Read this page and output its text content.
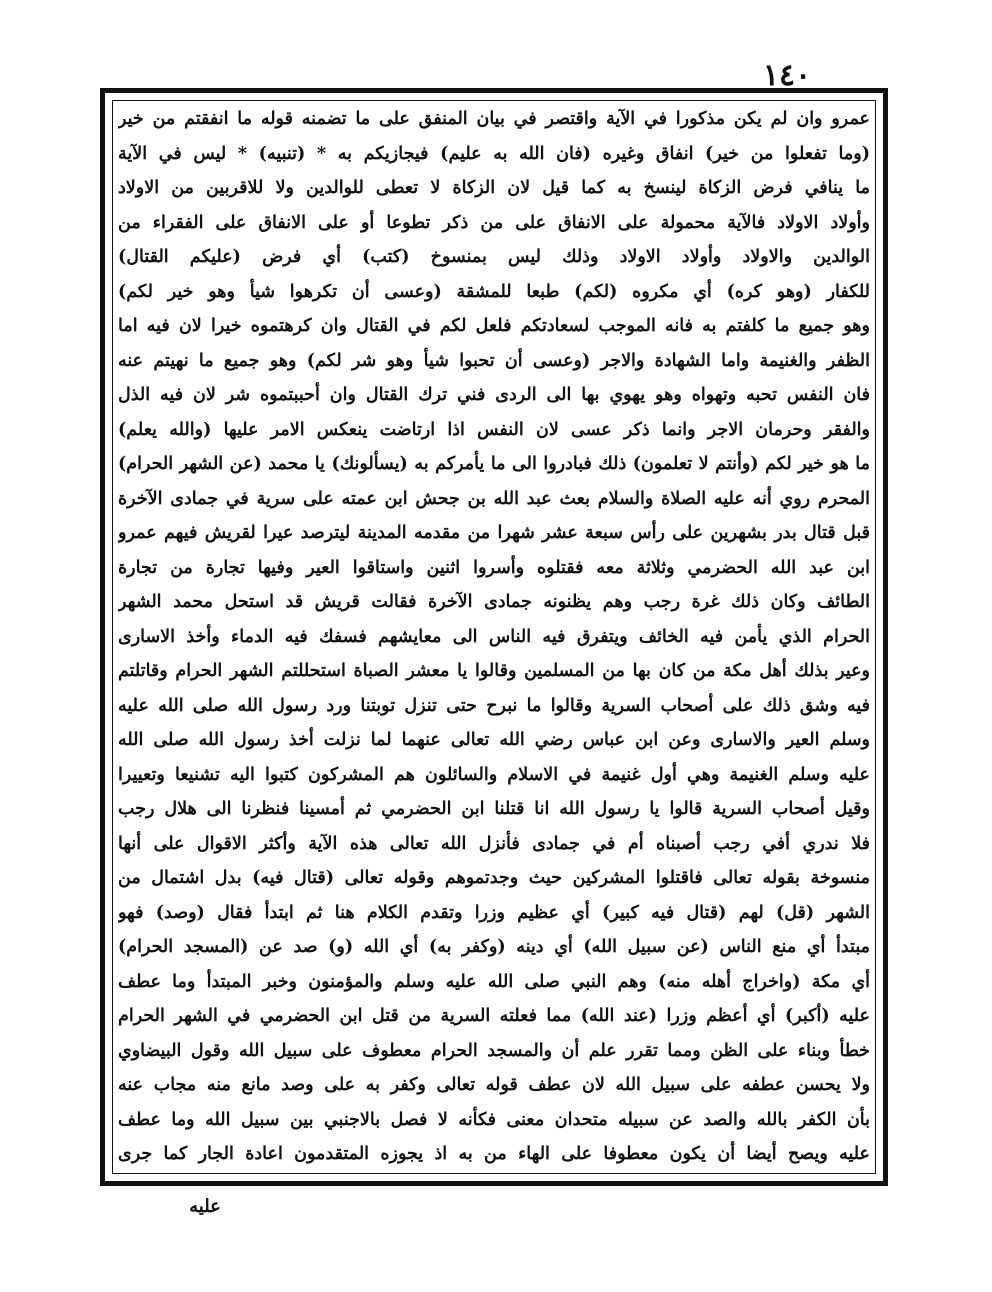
١٤٠
عمرو وان لم يكن مذكورا في الآية واقتصر في بيان المنفق على ما تضمنه قوله ما انفقتم من خير
(وما تفعلوا من خير) انفاق وغيره (فان الله به عليم) فيجازيكم به * (تنبيه) * ليس في الآية
ما ينافي فرض الزكاة لينسخ به كما قيل لان الزكاة لا تعطى للوالدين ولا للاقربين من الاولاد
وأولاد الاولاد فالآية محمولة على الانفاق على من ذكر تطوعا أو على الانفاق على الفقراء من
الوالدين والاولاد وأولاد الاولاد وذلك ليس بمنسوخ (كتب) أي فرض (عليكم القتال)
للكفار (وهو كره) أي مكروه (لكم) طبعا للمشقة (وعسى أن تكرهوا شيأ وهو خير لكم)
وهو جميع ما كلفتم به فانه الموجب لسعادتكم فلعل لكم في القتال وان كرهتموه خيرا لان فيه اما
الظفر والغنيمة واما الشهادة والاجر (وعسى أن تحبوا شيأ وهو شر لكم) وهو جميع ما نهيتم عنه
فان النفس تحبه وتهواه وهو يهوي بها الى الردى فني ترك القتال وان أحببتموه شر لان فيه الذل
والفقر وحرمان الاجر وانما ذكر عسى لان النفس اذا ارتاضت ينعكس الامر عليها (والله يعلم)
ما هو خير لكم (وأنتم لا تعلمون) ذلك فبادروا الى ما يأمركم به (يسألونك) يا محمد (عن الشهر الحرام)
المحرم روي أنه عليه الصلاة والسلام بعث عبد الله بن جحش ابن عمته على سرية في جمادى الآخرة
قبل قتال بدر بشهرين على رأس سبعة عشر شهرا من مقدمه المدينة ليترصد عيرا لقريش فيهم عمرو
ابن عبد الله الحضرمي وثلاثة معه فقتلوه وأسروا اثنين واستاقوا العير وفيها تجارة من تجارة
الطائف وكان ذلك غرة رجب وهم يظنونه جمادى الآخرة فقالت قريش قد استحل محمد الشهر
الحرام الذي يأمن فيه الخائف ويتفرق فيه الناس الى معايشهم فسفك فيه الدماء وأخذ الاسارى
وعير بذلك أهل مكة من كان بها من المسلمين وقالوا يا معشر الصباة استحللتم الشهر الحرام وقاتلتم
فيه وشق ذلك على أصحاب السرية وقالوا ما نبرح حتى تنزل توبتنا ورد رسول الله صلى الله عليه
وسلم العير والاسارى وعن ابن عباس رضي الله تعالى عنهما لما نزلت أخذ رسول الله صلى الله
عليه وسلم الغنيمة وهي أول غنيمة في الاسلام والسائلون هم المشركون كتبوا اليه تشنيعا وتعييرا
وقيل أصحاب السرية قالوا يا رسول الله انا قتلنا ابن الحضرمي ثم أمسينا فنظرنا الى هلال رجب
فلا ندري أفي رجب أصبناه أم في جمادى فأنزل الله تعالى هذه الآية وأكثر الاقوال على أنها
منسوخة بقوله تعالى فاقتلوا المشركين حيث وجدتموهم وقوله تعالى (قتال فيه) بدل اشتمال من
الشهر (قل) لهم (قتال فيه كبير) أي عظيم وزرا وتقدم الكلام هنا ثم ابتدأ فقال (وصد) فهو
مبتدأ أي منع الناس (عن سبيل الله) أي دينه (وكفر به) أي الله (و) صد عن (المسجد الحرام)
أي مكة (واخراج أهله منه) وهم النبي صلى الله عليه وسلم والمؤمنون وخبر المبتدأ وما عطف
عليه (أكبر) أي أعظم وزرا (عند الله) مما فعلته السرية من قتل ابن الحضرمي في الشهر الحرام
خطأ وبناء على الظن ومما تقرر علم أن والمسجد الحرام معطوف على سبيل الله وقول البيضاوي
ولا يحسن عطفه على سبيل الله لان عطف قوله تعالى وكفر به على وصد مانع منه مجاب عنه
بأن الكفر بالله والصد عن سبيله متحدان معنى فكأنه لا فصل بالاجنبي بين سبيل الله وما عطف
عليه ويصح أيضا أن يكون معطوفا على الهاء من به اذ يجوزه المتقدمون اعادة الجار كما جرى
عليه
